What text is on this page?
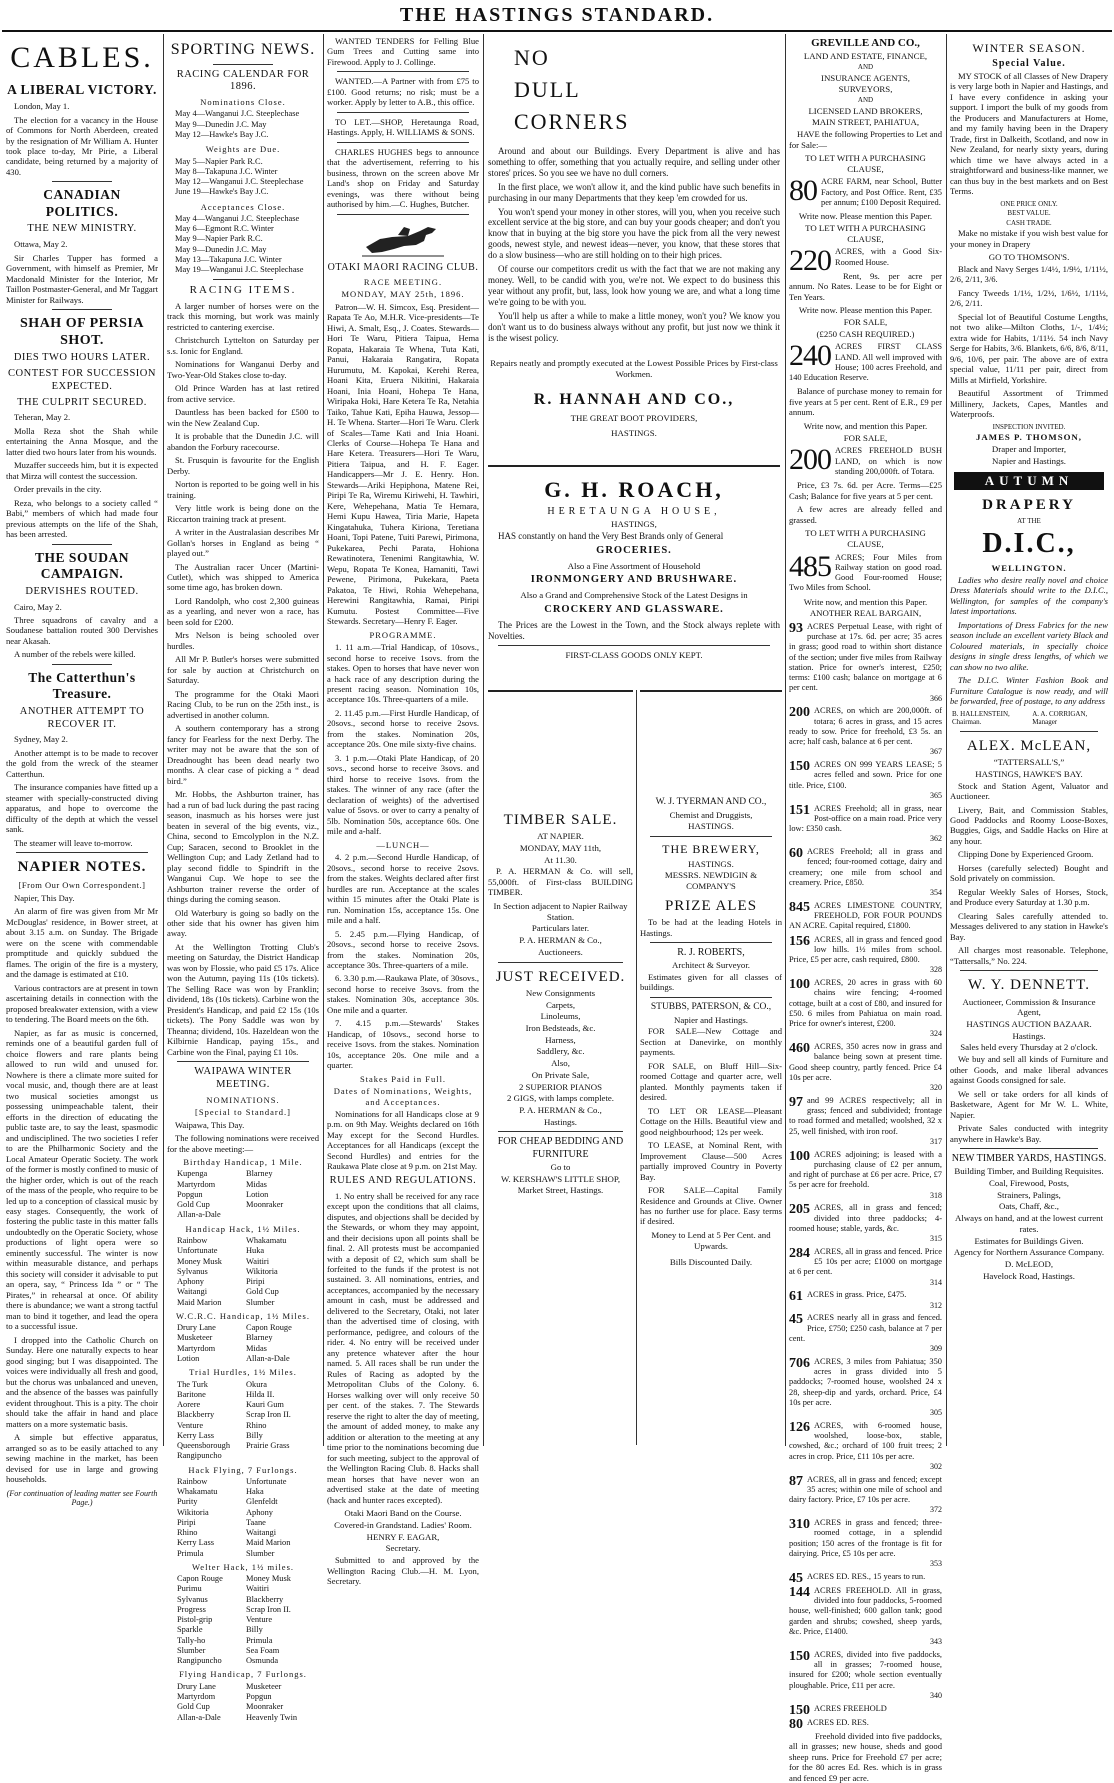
THE HASTINGS STANDARD.
CABLES.
A LIBERAL VICTORY.

London, May 1.

The election for a vacancy in the House of Commons for North Aberdeen, created by the resignation of Mr William A. Hunter took place to-day, Mr Pirie, a Liberal candidate, being returned by a majority of 430.

CANADIAN POLITICS.
THE NEW MINISTRY.

Ottawa, May 2.

Sir Charles Tupper has formed a Government, with himself as Premier, Mr Macdonald Minister for the Interior, Mr Taillon Postmaster-General, and Mr Taggart Minister for Railways.

SHAH OF PERSIA SHOT.
DIES TWO HOURS LATER.
CONTEST FOR SUCCESSION EXPECTED.
THE CULPRIT SECURED.

Teheran, May 2.

Molla Reza shot the Shah while entertaining the Anna Mosque, and the latter died two hours later from his wounds.

Muzaffer succeeds him, but it is expected that Mirza will contest the succession.

Order prevails in the city.

Reza, who belongs to a society called “ Babi,” members of which had made four previous attempts on the life of the Shah, has been arrested.

THE SOUDAN CAMPAIGN.
DERVISHES ROUTED.

Cairo, May 2.

Three squadrons of cavalry and a Soudanese battalion routed 300 Dervishes near Akasah.

A number of the rebels were killed.

The Catterthun's Treasure.
ANOTHER ATTEMPT TO RECOVER IT.

Sydney, May 2.

Another attempt is to be made to recover the gold from the wreck of the steamer Catterthun.

The insurance companies have fitted up a steamer with specially-constructed diving apparatus, and hope to overcome the difficulty of the depth at which the vessel sank.

The steamer will leave to-morrow.

NAPIER NOTES.
[From Our Own Correspondent.]

Napier, This Day.

An alarm of fire was given from Mr Mr McDouglas' residence, in Bower street, at about 3.15 a.m. on Sunday. The Brigade were on the scene with commendable promptitude and quickly subdued the flames. The origin of the fire is a mystery, and the damage is estimated at £10.

Various contractors are at present in town ascertaining details in connection with the proposed breakwater extension, with a view to tendering. The Board meets on the 6th.

Napier, as far as music is concerned, reminds one of a beautiful garden full of choice flowers and rare plants being allowed to run wild and unused for. Nowhere is there a climate more suited for vocal music, and, though there are at least two musical societies amongst us possessing unimpeachable talent, their efforts in the direction of educating the public taste are, to say the least, spasmodic and undisciplined. The two societies I refer to are the Philharmonic Society and the Local Amateur Operatic Society. The work of the former is mostly confined to music of the higher order, which is out of the reach of the mass of the people, who require to be led up to a conception of classical music by easy stages. Consequently, the work of fostering the public taste in this matter falls undoubtedly on the Operatic Society, whose productions of light opera were so eminently successful. The winter is now within measurable distance, and perhaps this society will consider it advisable to put an opera, say, “ Princess Ida ” or “ The Pirates,” in rehearsal at once. Of ability there is abundance; we want a strong tactful man to bind it together, and lead the opera to a successful issue.

I dropped into the Catholic Church on Sunday. Here one naturally expects to hear good singing; but I was disappointed. The voices were individually all fresh and good, but the chorus was unbalanced and uneven, and the absence of the basses was painfully evident throughout. This is a pity. The choir should take the affair in hand and place matters on a more systematic basis.

A simple but effective apparatus, arranged so as to be easily attached to any sewing machine in the market, has been devised for use in large and growing households.

(For continuation of leading matter see Fourth Page.)
SPORTING NEWS.
RACING CALENDAR FOR 1896.
Nominations Close.
May 4—Wanganui J.C. Steeplechase
May 9—Dunedin J.C. May
May 12—Hawke's Bay J.C.
Weights are Due.
May 5—Napier Park R.C.
May 8—Takapuna J.C. Winter
May 12—Wanganui J.C. Steeplechase
June 19—Hawke's Bay J.C.
Acceptances Close.
May 4—Wanganui J.C. Steeplechase
May 6—Egmont R.C. Winter
May 9—Napier Park R.C.
May 9—Dunedin J.C. May
May 13—Takapuna J.C. Winter
May 19—Wanganui J.C. Steeplechase
RACING ITEMS.

A larger number of horses were on the track this morning, but work was mainly restricted to cantering exercise.

Christchurch Lyttelton on Saturday per s.s. Ionic for England.

Nominations for Wanganui Derby and Two-Year-Old Stakes close to-day.

Old Prince Warden has at last retired from active service.

Dauntless has been backed for £500 to win the New Zealand Cup.

It is probable that the Dunedin J.C. will abandon the Forbury racecourse.

St. Frusquin is favourite for the English Derby.

Norton is reported to be going well in his training.

Very little work is being done on the Riccarton training track at present.

A writer in the Australasian describes Mr Gollan's horses in England as being “ played out.”

The Australian racer Uncer (Martini-Cutlet), which was shipped to America some time ago, has broken down.

Lord Randolph, who cost 2,300 guineas as a yearling, and never won a race, has been sold for £200.

Mrs Nelson is being schooled over hurdles.

All Mr P. Butler's horses were submitted for sale by auction at Christchurch on Saturday.

The programme for the Otaki Maori Racing Club, to be run on the 25th inst., is advertised in another column.

A southern contemporary has a strong fancy for Fearless for the next Derby. The writer may not be aware that the son of Dreadnought has been dead nearly two months. A clear case of picking a “ dead bird.”

Mr. Hobbs, the Ashburton trainer, has had a run of bad luck during the past racing season, inasmuch as his horses were just beaten in several of the big events, viz., China, second to Emcolyplon in the N.Z. Cup; Saracen, second to Brooklet in the Wellington Cup; and Lady Zetland had to play second fiddle to Spindrift in the Wanganui Cup. We hope to see the Ashburton trainer reverse the order of things during the coming season.

Old Waterbury is going so badly on the other side that his owner has given him away.

At the Wellington Trotting Club's meeting on Saturday, the District Handicap was won by Flossie, who paid £5 17s. Alice won the Autumn, paying 11s (10s tickets). The Selling Race was won by Franklin; dividend, 18s (10s tickets). Carbine won the President's Handicap, and paid £2 15s (10s tickets). The Pony Saddle was won by Theanna; dividend, 10s. Hazeldean won the Kilbirnie Handicap, paying 15s., and Carbine won the Final, paying £1 10s.

WAIPAWA WINTER MEETING.
NOMINATIONS.
[Special to Standard.]

Waipawa, This Day.

The following nominations were received for the above meeting:—

Birthday Handicap, 1 Mile.
Kupenga	Blarney
Martyrdom	Midas
Popgun	Lotion
Gold Cup	Moonraker
Allan-a-Dale
Handicap Hack, 1½ Miles.
Rainbow	Whakamatu
Unfortunate	Huka
Money Musk	Waitiri
Sylvanus	Wikitoria
Aphony	Piripi
Waitangi	Gold Cup
Maid Marion	Slumber
W.C.R.C. Handicap, 1½ Miles.
Drury Lane	Capon Rouge
Musketeer	Blarney
Martyrdom	Midas
Lotion	Allan-a-Dale
Trial Hurdles, 1½ Miles.
The Turk	Okura
Baritone	Hilda II.
Aorere	Kauri Gum
Blackberry	Scrap Iron II.
Venture	Rhino
Kerry Lass	Billy
Queensborough	Prairie Grass
Rangipuncho
Hack Flying, 7 Furlongs.
Rainbow	Unfortunate
Whakamatu	Haka
Purity	Glenfeldt
Wikitoria	Aphony
Piripi	Taane
Rhino	Waitangi
Kerry Lass	Maid Marion
Primula	Slumber
Welter Hack, 1½ miles.
Capon Rouge	Money Musk
Purimu	Waitiri
Sylvanus	Blackberry
Progress	Scrap Iron II.
Pistol-grip	Venture
Sparkle	Billy
Tally-ho	Primula
Slumber	Sea Foam
Rangipuncho	Osmunda
Flying Handicap, 7 Furlongs.
Drury Lane	Musketeer
Martyrdom	Popgun
Gold Cup	Moonraker
Allan-a-Dale	Heavenly Twin

WANTED TENDERS for Felling Blue Gum Trees and Cutting same into Firewood. Apply to J. Collinge.

WANTED.—A Partner with from £75 to £100. Good returns; no risk; must be a worker. Apply by letter to A.B., this office.

TO LET.—SHOP, Heretaunga Road, Hastings. Apply, H. WILLIAMS & SONS.

CHARLES HUGHES begs to announce that the advertisement, referring to his business, thrown on the screen above Mr Land's shop on Friday and Saturday evenings, was there without being authorised by him.—C. Hughes, Butcher.

OTAKI MAORI RACING CLUB.
RACE MEETING.
MONDAY, MAY 25th, 1896.

Patron—W. H. Simcox, Esq. President—Rapata Te Ao, M.H.R. Vice-presidents—Te Hiwi, A. Smalt, Esq., J. Coates. Stewards—Hori Te Waru, Pitiera Taipua, Hema Ropata, Hakaraia Te Whena, Tuta Kati, Panui, Hakaraia Rangatira, Ropata Hurumutu, M. Kapokai, Kerehi Rerea, Hoani Kita, Eruera Nikitini, Hakaraia Hoani, Inia Hoani, Hohepa Te Hana, Wiripaka Hoki, Hare Ketera Te Ra, Netahia Taiko, Tahue Kati, Epiha Hauwa, Jessop—H. Te Whena. Starter—Hori Te Waru. Clerk of Scales—Tame Kati and Inia Hoani. Clerks of Course—Hohepa Te Hana and Hare Ketera. Treasurers—Hori Te Waru, Pitiera Taipua, and H. F. Eager. Handicappers—Mr J. E. Henry. Hon. Stewards—Ariki Hepiphona, Matene Rei, Piripi Te Ra, Wiremu Kiriwehi, H. Tawhiri, Kere, Wehepehana, Matia Te Hemara, Hemi Kupu Hawea, Tiria Marie, Hapeta Kingatahuka, Tuhera Kiriona, Teretiana Hoani, Topi Patene, Tuiti Parewi, Pirimona, Pukekarea, Pechi Parata, Hohiona Rewatinotera, Tenenimi Rangitawhia, W. Wepu, Ropata Te Konea, Hamaniti, Tawi Pewene, Pirimona, Pukekara, Paeta Pakatoa, Te Hiwi, Rohia Wehepehana, Herewini Rangitawhia, Ramai, Piripi Kumutu. Postest Committee—Five Stewards. Secretary—Henry F. Eager.

PROGRAMME.

1. 11 a.m.—Trial Handicap, of 10sovs., second horse to receive 1sovs. from the stakes. Open to horses that have never won a hack race of any description during the present racing season. Nomination 10s, acceptance 10s. Three-quarters of a mile.

2. 11.45 p.m.—First Hurdle Handicap, of 20sovs., second horse to receive 2sovs. from the stakes. Nomination 20s, acceptance 20s. One mile sixty-five chains.

3. 1 p.m.—Otaki Plate Handicap, of 20 sovs., second horse to receive 3sovs. and third horse to receive 1sovs. from the stakes. The winner of any race (after the declaration of weights) of the advertised value of 5sovs. or over to carry a penalty of 5lb. Nomination 50s, acceptance 60s. One mile and a-half.

—LUNCH—

4. 2 p.m.—Second Hurdle Handicap, of 20sovs., second horse to receive 2sovs. from the stakes. Weights declared after first hurdles are run. Acceptance at the scales within 15 minutes after the Otaki Plate is run. Nomination 15s, acceptance 15s. One mile and a half.

5. 2.45 p.m.—Flying Handicap, of 20sovs., second horse to receive 2sovs. from the stakes. Nomination 20s, acceptance 30s. Three-quarters of a mile.

6. 3.30 p.m.—Raukawa Plate, of 30sovs., second horse to receive 3sovs. from the stakes. Nomination 30s, acceptance 30s. One mile and a quarter.

7. 4.15 p.m.—Stewards' Stakes Handicap, of 10sovs., second horse to receive 1sovs. from the stakes. Nomination 10s, acceptance 20s. One mile and a quarter.

Stakes Paid in Full.
Dates of Nominations, Weights, and Acceptances.

Nominations for all Handicaps close at 9 p.m. on 9th May. Weights declared on 16th May except for the Second Hurdles. Acceptances for all Handicaps (except the Second Hurdles) and entries for the Raukawa Plate close at 9 p.m. on 21st May.

RULES AND REGULATIONS.

1. No entry shall be received for any race except upon the conditions that all claims, disputes, and objections shall be decided by the Stewards, or whom they may appoint, and their decisions upon all points shall be final. 2. All protests must be accompanied with a deposit of £2, which sum shall be forfeited to the funds if the protest is not sustained. 3. All nominations, entries, and acceptances, accompanied by the necessary amount in cash, must be addressed and delivered to the Secretary, Otaki, not later than the advertised time of closing, with performance, pedigree, and colours of the rider. 4. No entry will be received under any pretence whatever after the hour named. 5. All races shall be run under the Rules of Racing as adopted by the Metropolitan Clubs of the Colony. 6. Horses walking over will only receive 50 per cent. of the stakes. 7. The Stewards reserve the right to alter the day of meeting, the amount of added money, to make any addition or alteration to the meeting at any time prior to the nominations becoming due for such meeting, subject to the approval of the Wellington Racing Club. 8. Hacks shall mean horses that have never won an advertised stake at the date of meeting (hack and hunter races excepted).

Otaki Maori Band on the Course.
Covered-in Grandstand. Ladies' Room.
HENRY F. EAGAR,
Secretary.

Submitted to and approved by the Wellington Racing Club.—H. M. Lyon, Secretary.

NO
DULL
CORNERS

Around and about our Buildings. Every Department is alive and has something to offer, something that you actually require, and selling under other stores' prices. So you see we have no dull corners.

In the first place, we won't allow it, and the kind public have such benefits in purchasing in our many Departments that they keep 'em crowded for us.

You won't spend your money in other stores, will you, when you receive such excellent service at the big store, and can buy your goods cheaper; and don't you know that in buying at the big store you have the pick from all the very newest goods, newest style, and newest ideas—never, you know, that these stores that do a slow business—who are still holding on to their high prices.

Of course our competitors credit us with the fact that we are not making any money. Well, to be candid with you, we're not. We expect to do business this year without any profit, but, lass, look how young we are, and what a long time we're going to be with you.

You'll help us after a while to make a little money, won't you? We know you don't want us to do business always without any profit, but just now we think it is the wisest policy.

Repairs neatly and promptly executed at the Lowest Possible Prices by First-class Workmen.
R. HANNAH AND CO.,
THE GREAT BOOT PROVIDERS,
HASTINGS.
G. H. ROACH,
HERETAUNGA HOUSE,
HASTINGS,

HAS constantly on hand the Very Best Brands only of General

GROCERIES.
Also a Fine Assortment of Household
IRONMONGERY AND BRUSHWARE.
Also a Grand and Comprehensive Stock of the Latest Designs in
CROCKERY AND GLASSWARE.

The Prices are the Lowest in the Town, and the Stock always replete with Novelties.

FIRST-CLASS GOODS ONLY KEPT.
TIMBER SALE.
AT NAPIER.
MONDAY, MAY 11th,
At 11.30.

P. A. HERMAN & Co. will sell, 55,000ft. of First-class BUILDING TIMBER.

In Section adjacent to Napier Railway Station.
Particulars later.
P. A. HERMAN & Co.,
Auctioneers.
JUST RECEIVED.
New Consignments
Carpets,
Linoleums,
Iron Bedsteads, &c.
Harness,
Saddlery, &c.
Also,
On Private Sale,
2 SUPERIOR PIANOS
2 GIGS, with lamps complete.
P. A. HERMAN & Co.,
Hastings.
FOR CHEAP BEDDING AND FURNITURE
Go to
W. KERSHAW'S LITTLE SHOP,
Market Street, Hastings.
W. J. TYERMAN AND CO.,
Chemist and Druggists,
HASTINGS.
THE BREWERY,
HASTINGS.
MESSRS. NEWDIGIN & COMPANY'S
PRIZE ALES

To be had at the leading Hotels in Hastings.

R. J. ROBERTS,
Architect & Surveyor.

Estimates given for all classes of buildings.

STUBBS, PATERSON, & CO.,
Napier and Hastings.

FOR SALE—New Cottage and Section at Danevirke, on monthly payments.

FOR SALE, on Bluff Hill—Six-roomed Cottage and quarter acre, well planted. Monthly payments taken if desired.

TO LET OR LEASE—Pleasant Cottage on the Hills. Beautiful view and good neighbourhood; 12s per week.

TO LEASE, at Nominal Rent, with Improvement Clause—500 Acres partially improved Country in Poverty Bay.

FOR SALE—Capital Family Residence and Grounds at Clive. Owner has no further use for place. Easy terms if desired.

Money to Lend at 5 Per Cent. and Upwards.
Bills Discounted Daily.
GREVILLE AND CO.,
LAND AND ESTATE, FINANCE,
AND
INSURANCE AGENTS,
SURVEYORS,
AND
LICENSED LAND BROKERS,
MAIN STREET, PAHIATUA,

HAVE the following Properties to Let and for Sale:—

TO LET WITH A PURCHASING CLAUSE,
80 ACRE FARM, near School, Butter Factory, and Post Office. Rent, £35 per annum; £100 Deposit Required.
Write now. Please mention this Paper.
TO LET WITH A PURCHASING CLAUSE,
220 ACRES, with a Good Six-Roomed House.

Rent, 9s. per acre per annum. No Rates. Lease to be for Eight or Ten Years.

Write now. Please mention this Paper.
FOR SALE,
(£250 CASH REQUIRED.)
240 ACRES FIRST CLASS LAND. All well improved with House; 100 acres Freehold, and 140 Education Reserve.

Balance of purchase money to remain for five years at 5 per cent. Rent of E.R., £9 per annum.

Write now, and mention this Paper.
FOR SALE,
200 ACRES FREEHOLD BUSH LAND, on which is now standing 200,000ft. of Totara.

Price, £3 7s. 6d. per Acre. Terms—£25 Cash; Balance for five years at 5 per cent.

A few acres are already felled and grassed.

TO LET WITH A PURCHASING CLAUSE,
485 ACRES; Four Miles from Railway station on good road. Good Four-roomed House; Two Miles from School.
Write now, and mention this Paper.
ANOTHER REAL BARGAIN,
93 ACRES Perpetual Lease, with right of purchase at 17s. 6d. per acre; 35 acres in grass; good road to within short distance of the section; under five miles from Railway station. Price for owner's interest, £250; terms: £100 cash; balance on mortgage at 6 per cent.
366
200 ACRES, on which are 200,000ft. of totara; 6 acres in grass, and 15 acres ready to sow. Price for freehold, £3 5s. an acre; half cash, balance at 6 per cent.
367
150 ACRES ON 999 YEARS LEASE; 5 acres felled and sown. Price for one title. Price, £100.
365
151 ACRES Freehold; all in grass, near Post-office on a main road. Price very low: £350 cash.
362
60 ACRES Freehold; all in grass and fenced; four-roomed cottage, dairy and creamery; one mile from school and creamery. Price, £850.
354
845 ACRES LIMESTONE COUNTRY, FREEHOLD, FOR FOUR POUNDS AN ACRE. Capital required, £1800.
156 ACRES, all in grass and fenced good low hills. 1½ miles from school. Price, £5 per acre, cash required, £800.
328
100 ACRES, 20 acres in grass with 60 chains wire fencing; 4-roomed cottage, built at a cost of £80, and insured for £50. 6 miles from Pahiatua on main road. Price for owner's interest, £200.
324
460 ACRES, 350 acres now in grass and balance being sown at present time. Good sheep country, partly fenced. Price £4 10s per acre.
320
97 and 99 ACRES respectively; all in grass; fenced and subdivided; frontage to road formed and metalled; woolshed, 32 x 25, well finished, with iron roof.
317
100 ACRES adjoining; is leased with a purchasing clause of £2 per annum, and right of purchase at £6 per acre. Price, £7 5s per acre for freehold.
318
205 ACRES, all in grass and fenced; divided into three paddocks; 4-roomed house; stable, yards, &c.
315
284 ACRES, all in grass and fenced. Price £5 10s per acre; £1000 on mortgage at 6 per cent.
314
61 ACRES in grass. Price, £475.
312
45 ACRES nearly all in grass and fenced. Price, £750; £250 cash, balance at 7 per cent.
309
706 ACRES, 3 miles from Pahiatua; 350 acres in grass divided into 5 paddocks; 7-roomed house, woolshed 24 x 28, sheep-dip and yards, orchard. Price, £4 10s per acre.
305
126 ACRES, with 6-roomed house, woolshed, loose-box, stable, cowshed, &c.; orchard of 100 fruit trees; 2 acres in crop. Price, £11 10s per acre.
302
87 ACRES, all in grass and fenced; except 35 acres; within one mile of school and dairy factory. Price, £7 10s per acre.
372
310 ACRES in grass and fenced; three-roomed cottage, in a splendid position; 150 acres of the frontage is fit for dairying. Price, £5 10s per acre.
353
45 ACRES ED. RES., 15 years to run.
144 ACRES FREEHOLD. All in grass, divided into four paddocks, 5-roomed house, well-finished; 600 gallon tank; good garden and shrubs; cowshed, sheep yards, &c. Price, £1400.
343
150 ACRES, divided into five paddocks, all in grasses; 7-roomed house, insured for £200; whole section eventually ploughable. Price, £11 per acre.
340
150 ACRES FREEHOLD
80 ACRES ED. RES.

Freehold divided into five paddocks, all in grasses; new house, sheds and good sheep runs. Price for Freehold £7 per acre; for the 80 acres Ed. Res. which is in grass and fenced £9 per acre.

WINTER SEASON.
Special Value.

MY STOCK of all Classes of New Drapery is very large both in Napier and Hastings, and I have every confidence in asking your support. I import the bulk of my goods from the Producers and Manufacturers at Home, and my family having been in the Drapery Trade, first in Dalkeith, Scotland, and now in New Zealand, for nearly sixty years, during which time we have always acted in a straightforward and business-like manner, we can thus buy in the best markets and on Best Terms.

ONE PRICE ONLY.
BEST VALUE.
CASH TRADE.

Make no mistake if you wish best value for your money in Drapery

GO TO THOMSON'S.

Black and Navy Serges 1/4½, 1/9½, 1/11½, 2/6, 2/11, 3/6.

Fancy Tweeds 1/1½, 1/2½, 1/6½, 1/11½, 2/6, 2/11.

Special lot of Beautiful Costume Lengths, not two alike—Milton Cloths, 1/-, 1/4½; extra wide for Habits, 1/11½. 54 inch Navy Serge for Habits, 3/6. Blankets, 6/6, 8/6, 8/11, 9/6, 10/6, per pair. The above are of extra special value, 11/11 per pair, direct from Mills at Mirfield, Yorkshire.

Beautiful Assortment of Trimmed Millinery, Jackets, Capes, Mantles and Waterproofs.

INSPECTION INVITED.
JAMES P. THOMSON,
Draper and Importer,
Napier and Hastings.
AUTUMN
DRAPERY
AT THE
D.I.C.,
WELLINGTON.

Ladies who desire really novel and choice Dress Materials should write to the D.I.C., Wellington, for samples of the company's latest importations.

Importations of Dress Fabrics for the new season include an excellent variety Black and Coloured materials, in specially choice designs in single dress lengths, of which we can show no two alike.

The D.I.C. Winter Fashion Book and Furniture Catalogue is now ready, and will be forwarded, free of postage, to any address

B. HALLENSTEIN, Chairman.
A. A. CORRIGAN, Manager
ALEX. McLEAN,
“TATTERSALL'S,”
HASTINGS, HAWKE'S BAY.

Stock and Station Agent, Valuator and Auctioneer.

Livery, Bait, and Commission Stables, Good Paddocks and Roomy Loose-Boxes, Buggies, Gigs, and Saddle Hacks on Hire at any hour.

Clipping Done by Experienced Groom.

Horses (carefully selected) Bought and Sold privately on commission.

Regular Weekly Sales of Horses, Stock, and Produce every Saturday at 1.30 p.m.

Clearing Sales carefully attended to. Messages delivered to any station in Hawke's Bay.

All charges most reasonable. Telephone, “Tattersalls,” No. 224.

W. Y. DENNETT.
Auctioneer, Commission & Insurance Agent,
HASTINGS AUCTION BAZAAR.
Hastings.
Sales held every Thursday at 2 o'clock.

We buy and sell all kinds of Furniture and other Goods, and make liberal advances against Goods consigned for sale.

We sell or take orders for all kinds of Basketware, Agent for Mr W. L. White, Napier.

Private Sales conducted with integrity anywhere in Hawke's Bay.

NEW TIMBER YARDS, HASTINGS.
Building Timber, and Building Requisites.
Coal, Firewood, Posts,
Strainers, Palings,
Oats, Chaff, &c.,
Always on hand, and at the lowest current rates.
Estimates for Buildings Given.
Agency for Northern Assurance Company.
D. McLEOD,
Havelock Road, Hastings.
